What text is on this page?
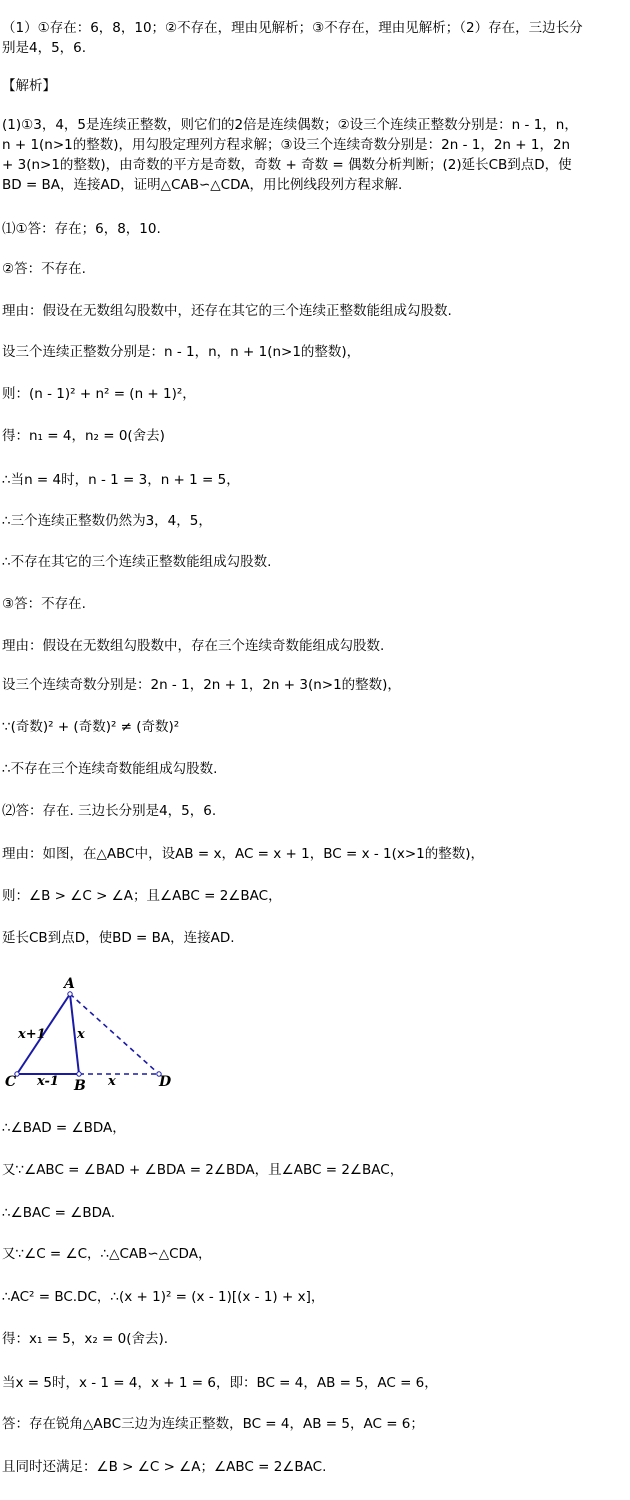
（1）①存在：6，8，10；②不存在，理由见解析；③不存在，理由见解析；（2）存在，三边长分
别是4，5，6.
【解析】
(1)①3，4，5是连续正整数，则它们的2倍是连续偶数；②设三个连续正整数分别是：n - 1，n，
n + 1(n>1的整数)，用勾股定理列方程求解；③设三个连续奇数分别是：2n - 1，2n + 1，2n
+ 3(n>1的整数)，由奇数的平方是奇数，奇数 + 奇数 = 偶数分析判断；(2)延长CB到点D，使
BD = BA，连接AD，证明△CAB∽△CDA，用比例线段列方程求解.
⑴①答：存在；6，8，10.
②答：不存在.
理由：假设在无数组勾股数中，还存在其它的三个连续正整数能组成勾股数.
设三个连续正整数分别是：n - 1，n，n + 1(n>1的整数)，
则：(n - 1)² + n² = (n + 1)²，
得：n₁ = 4，n₂ = 0(舍去)
∴当n = 4时，n - 1 = 3，n + 1 = 5，
∴三个连续正整数仍然为3，4，5，
∴不存在其它的三个连续正整数能组成勾股数.
③答：不存在.
理由：假设在无数组勾股数中，存在三个连续奇数能组成勾股数.
设三个连续奇数分别是：2n - 1，2n + 1，2n + 3(n>1的整数)，
∵(奇数)² + (奇数)² ≠ (奇数)²
∴不存在三个连续奇数能组成勾股数.
⑵答：存在. 三边长分别是4，5，6.
理由：如图，在△ABC中，设AB = x，AC = x + 1，BC = x - 1(x>1的整数)，
则：∠B > ∠C > ∠A；且∠ABC = 2∠BAC，
延长CB到点D，使BD = BA，连接AD.
A
B
C	D
x+1 x
x-1	x
∴∠BAD = ∠BDA，
又∵∠ABC = ∠BAD + ∠BDA = 2∠BDA，且∠ABC = 2∠BAC，
∴∠BAC = ∠BDA.
又∵∠C = ∠C，∴△CAB∽△CDA，
∴AC² = BC.DC，∴(x + 1)² = (x - 1)[(x - 1) + x]，
得：x₁ = 5，x₂ = 0(舍去).
当x = 5时，x - 1 = 4，x + 1 = 6，即：BC = 4，AB = 5，AC = 6，
答：存在锐角△ABC三边为连续正整数，BC = 4，AB = 5，AC = 6；
且同时还满足：∠B > ∠C > ∠A；∠ABC = 2∠BAC.
